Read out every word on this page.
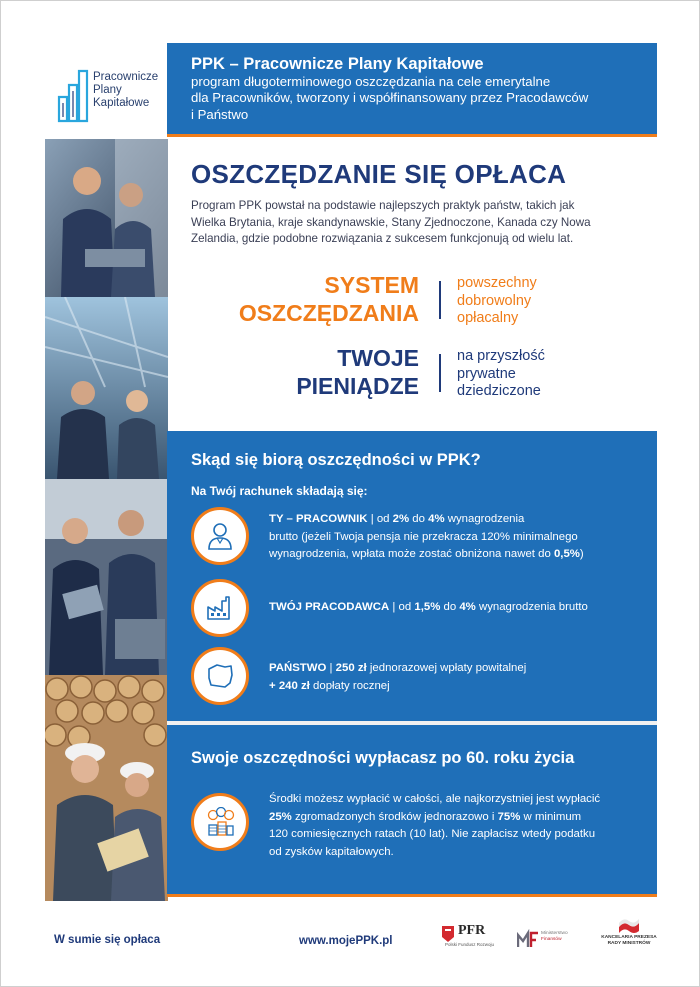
Pracownicze
Plany
Kapitałowe
PPK – Pracownicze Plany Kapitałowe

program długoterminowego oszczędzania na cele emerytalne

dla Pracowników, tworzony i współfinansowany przez Pracodawców

i Państwo

OSZCZĘDZANIE SIĘ OPŁACA
Program PPK powstał na podstawie najlepszych praktyk państw, takich jak
Wielka Brytania, kraje skandynawskie, Stany Zjednoczone, Kanada czy Nowa
Zelandia, gdzie podobne rozwiązania z sukcesem funkcjonują od wielu lat.
SYSTEM
OSZCZĘDZANIA
powszechny
dobrowolny
opłacalny
TWOJE
PIENIĄDZE
na przyszłość
prywatne
dziedziczone
Skąd się biorą oszczędności w PPK?
Na Twój rachunek składają się:
TY – PRACOWNIK | od 2% do 4% wynagrodzenia
brutto (jeżeli Twoja pensja nie przekracza 120% minimalnego
wynagrodzenia, wpłata może zostać obniżona nawet do 0,5%)
TWÓJ PRACODAWCA | od 1,5% do 4% wynagrodzenia brutto
PAŃSTWO | 250 zł jednorazowej wpłaty powitalnej
+ 240 zł dopłaty rocznej
Swoje oszczędności wypłacasz po 60. roku życia
Środki możesz wypłacić w całości, ale najkorzystniej jest wypłacić
25% zgromadzonych środków jednorazowo i 75% w minimum
120 comiesięcznych ratach (10 lat). Nie zapłacisz wtedy podatku
od zysków kapitałowych.
W sumie się opłaca	www.mojePPK.pl
PFR
Polski Fundusz Rozwoju
Ministerstwo
Finansów	KANCELARIA PREZESA
RADY MINISTRÓW
